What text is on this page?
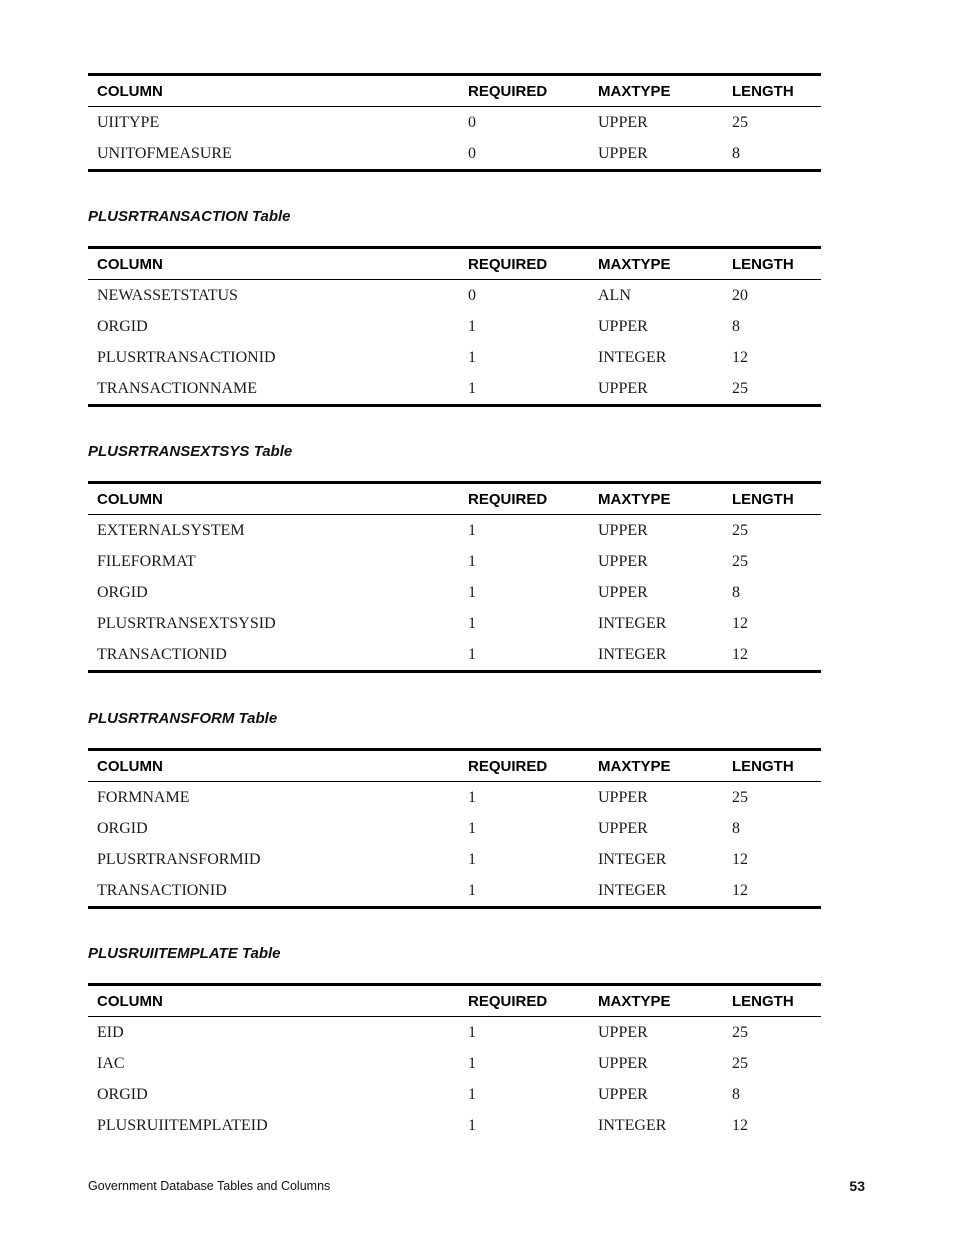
COLUMN	REQUIRED	MAXTYPE	LENGTH
UIITYPE	0	UPPER	25
UNITOFMEASURE	0	UPPER	8
PLUSRTRANSACTION Table
COLUMN	REQUIRED	MAXTYPE	LENGTH
NEWASSETSTATUS	0	ALN	20
ORGID	1	UPPER	8
PLUSRTRANSACTIONID	1	INTEGER	12
TRANSACTIONNAME	1	UPPER	25
PLUSRTRANSEXTSYS Table
COLUMN	REQUIRED	MAXTYPE	LENGTH
EXTERNALSYSTEM	1	UPPER	25
FILEFORMAT	1	UPPER	25
ORGID	1	UPPER	8
PLUSRTRANSEXTSYSID	1	INTEGER	12
TRANSACTIONID	1	INTEGER	12
PLUSRTRANSFORM Table
COLUMN	REQUIRED	MAXTYPE	LENGTH
FORMNAME	1	UPPER	25
ORGID	1	UPPER	8
PLUSRTRANSFORMID	1	INTEGER	12
TRANSACTIONID	1	INTEGER	12
PLUSRUIITEMPLATE Table
COLUMN	REQUIRED	MAXTYPE	LENGTH
EID	1	UPPER	25
IAC	1	UPPER	25
ORGID	1	UPPER	8
PLUSRUIITEMPLATEID	1	INTEGER	12
Government Database Tables and Columns	53
